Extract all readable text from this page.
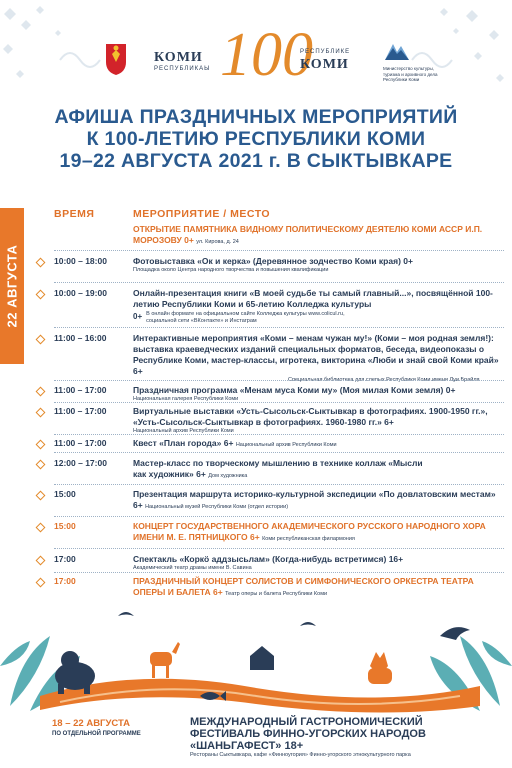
КОМИ
РЕСПУБЛИКАЫ 100
РЕСПУБЛИКЕ
КОМИ	Министерство культуры, туризма и архивного дела Республики Коми
АФИША ПРАЗДНИЧНЫХ МЕРОПРИЯТИЙ
К 100-ЛЕТИЮ РЕСПУБЛИКИ КОМИ
19–22 АВГУСТА 2021 г. В СЫКТЫВКАРЕ
ВРЕМЯ	МЕРОПРИЯТИЕ / МЕСТО
22 АВГУСТА
ОТКРЫТИЕ ПАМЯТНИКА ВИДНОМУ ПОЛИТИЧЕСКОМУ ДЕЯТЕЛЮ КОМИ АССР И.П. МОРОЗОВУ 0+ ул. Кирова, д. 24
10:00 – 18:00	Фотовыставка «Ок и керка» (Деревянное зодчество Коми края) 0+
Площадка около Центра народного творчества и повышения квалификации
10:00 – 19:00	Онлайн-презентация книги «В моей судьбе ты самый главный...», посвящённой 100-летию Республики Коми и 65-летию Колледжа культуры
0+ В онлайн формате на официальном сайте Колледжа культуры www.colicul.ru, социальной сети «ВКонтакте» и Инстаграм
11:00 – 16:00	Интерактивные мероприятия «Коми – менам чужан му!» (Коми – моя родная земля!): выставка краеведческих изданий специальных форматов, беседа, видеопоказы о Республике Коми, мастер-классы, игротека, викторина «Люби и знай свой Коми край» 6+
Специальная библиотека для слепых Республики Коми имени Луи Брайля
11:00 – 17:00	Праздничная программа «Менам муса Коми му» (Моя милая Коми земля) 0+
Национальная галерея Республики Коми
11:00 – 17:00	Виртуальные выставки «Усть-Сысольск-Сыктывкар в фотографиях. 1900-1950 гг.», «Усть-Сысольск-Сыктывкар в фотографиях. 1960-1980 гг.» 6+
Национальный архив Республики Коми
11:00 – 17:00	Квест «План города» 6+ Национальный архив Республики Коми
12:00 – 17:00	Мастер-класс по творческому мышлению в технике коллаж «Мысли как художник» 6+ Дом художника
15:00	Презентация маршрута историко-культурной экспедиции «По довлатовским местам» 6+ Национальный музей Республики Коми (отдел истории)
15:00	КОНЦЕРТ ГОСУДАРСТВЕННОГО АКАДЕМИЧЕСКОГО РУССКОГО НАРОДНОГО ХОРА ИМЕНИ М. Е. ПЯТНИЦКОГО 6+ Коми республиканская филармония
17:00	Спектакль «Коркӧ аддзысьлам» (Когда-нибудь встретимся) 16+
Академический театр драмы имени В. Савина
17:00	ПРАЗДНИЧНЫЙ КОНЦЕРТ СОЛИСТОВ И СИМФОНИЧЕСКОГО ОРКЕСТРА ТЕАТРА ОПЕРЫ И БАЛЕТА 6+ Театр оперы и балета Республики Коми
18 – 22 АВГУСТА
ПО ОТДЕЛЬНОЙ ПРОГРАММЕ
МЕЖДУНАРОДНЫЙ ГАСТРОНОМИЧЕСКИЙ ФЕСТИВАЛЬ ФИННО-УГОРСКИХ НАРОДОВ «ШАНЬГАФЕСТ» 18+
Рестораны Сыктывкара, кафе «Финноугория» Финно-угорского этнокультурного парка
